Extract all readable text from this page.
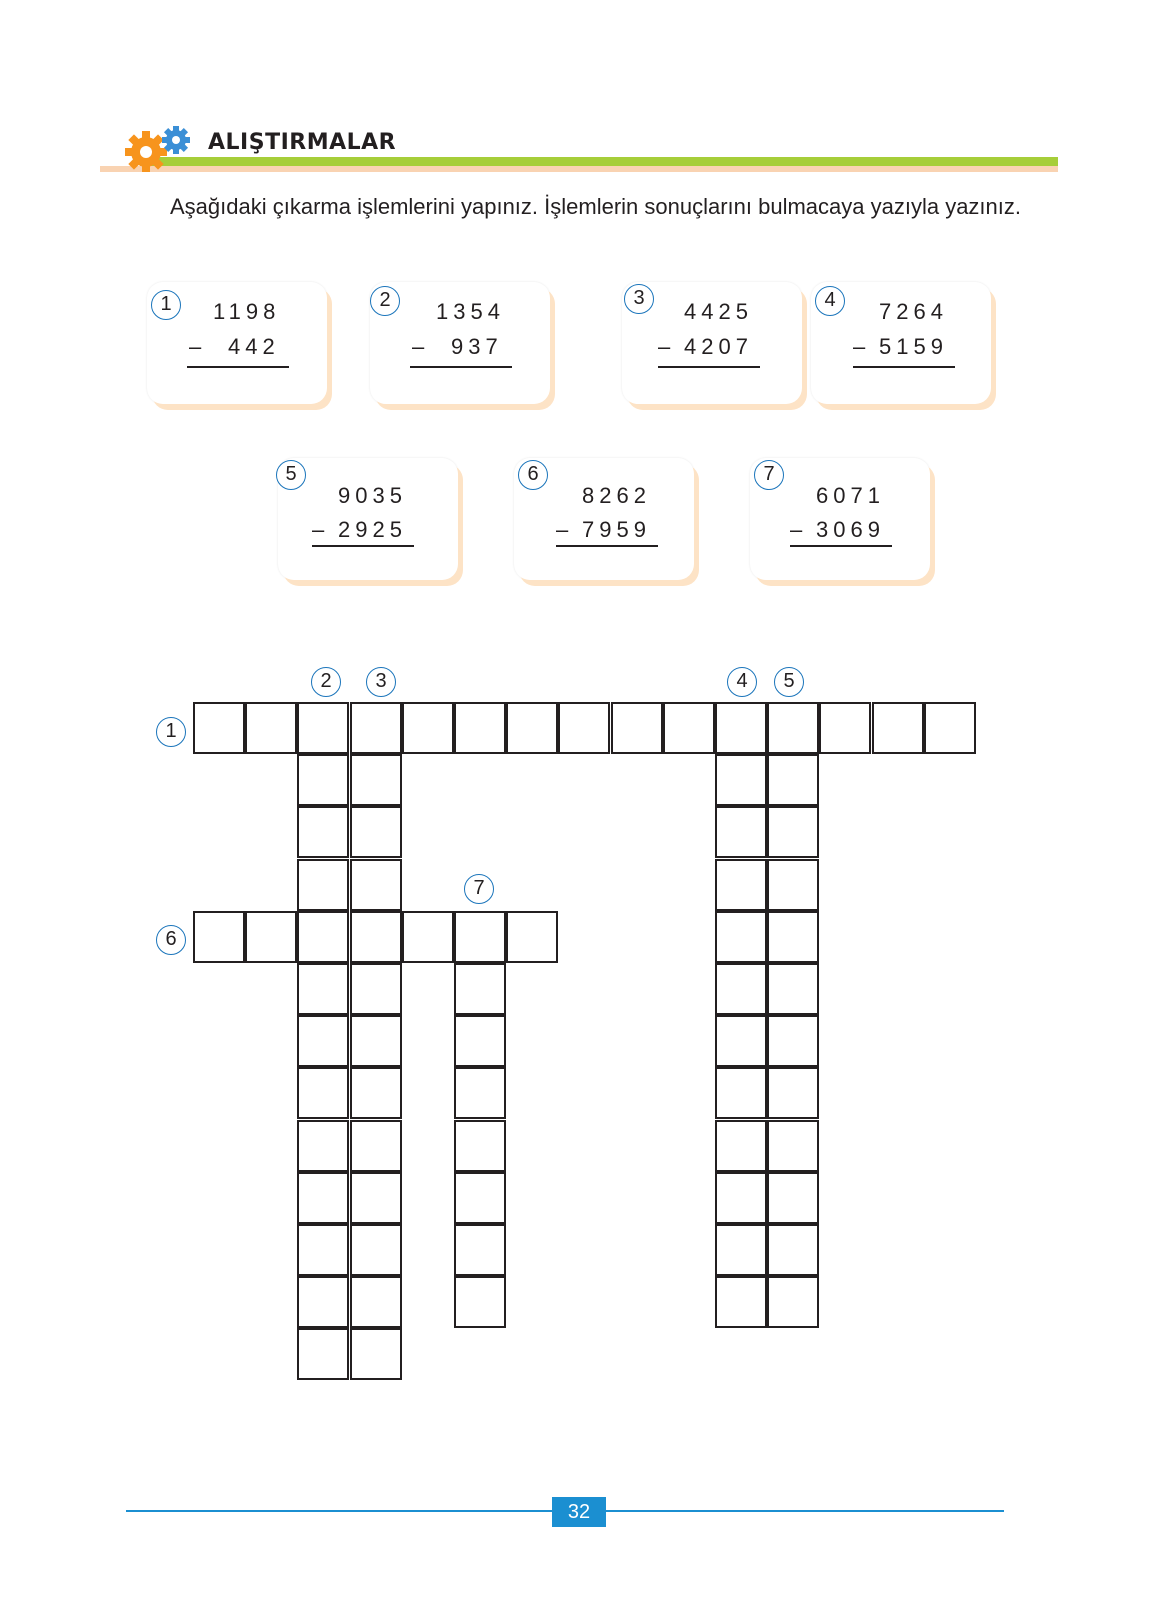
ALIŞTIRMALAR
Aşağıdaki çıkarma işlemlerini yapınız. İşlemlerin sonuçlarını bulmacaya yazıyla yazınız.
1	1198
– 442
2	1354
– 937
3
4425
– 4207
4	7264
– 5159
5
9035
– 2925
6
8262
– 7959
7
6071
– 3069
1
2	3	4	5
6
7
32
